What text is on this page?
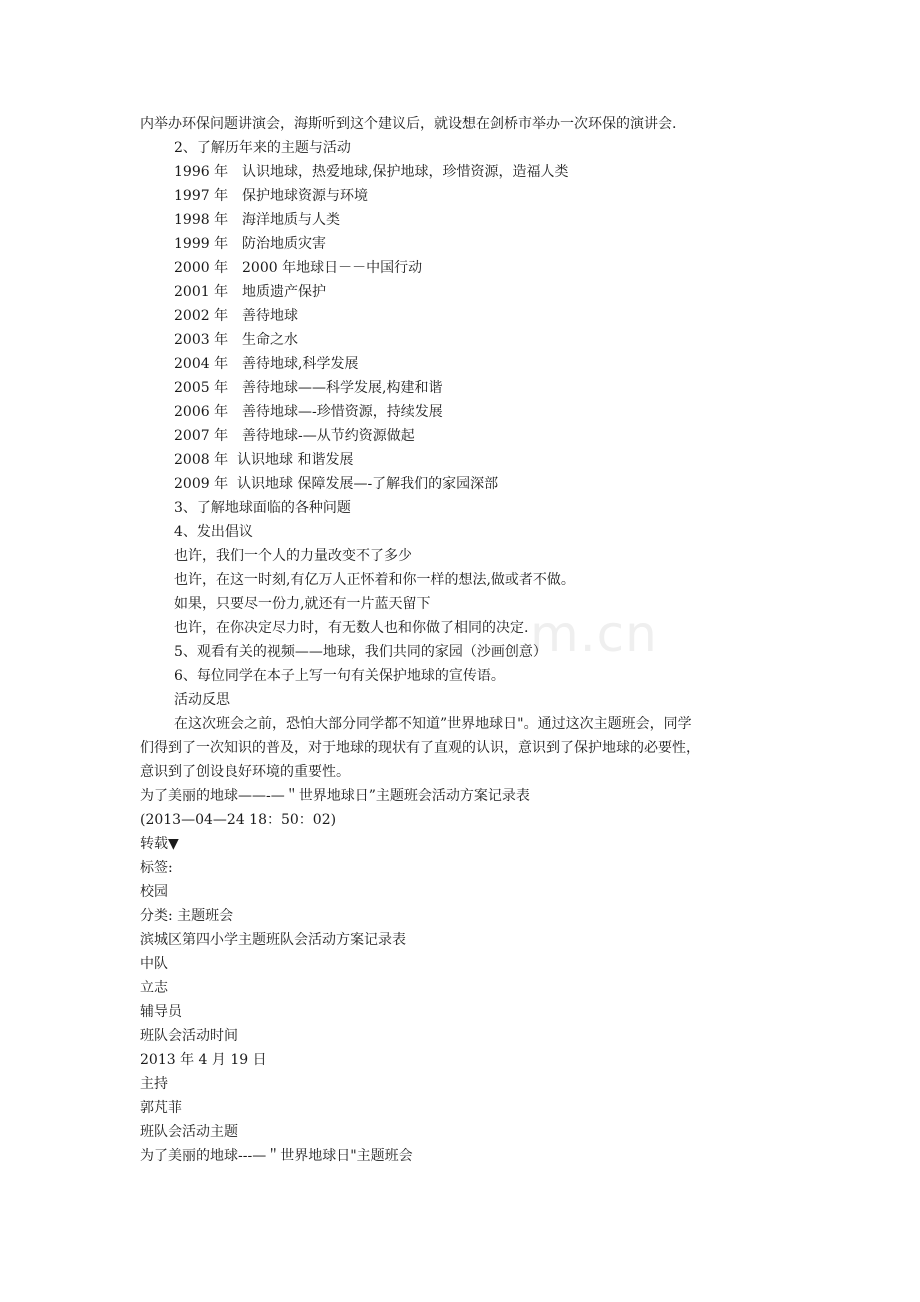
m.cn
内举办环保问题讲演会，海斯听到这个建议后，就设想在剑桥市举办一次环保的演讲会.
2、了解历年来的主题与活动
1996 年 认识地球，热爱地球,保护地球，珍惜资源，造福人类
1997 年 保护地球资源与环境
1998 年 海洋地质与人类
1999 年 防治地质灾害
2000 年 2000 年地球日－－中国行动
2001 年 地质遗产保护
2002 年 善待地球
2003 年 生命之水
2004 年 善待地球,科学发展
2005 年 善待地球——科学发展,构建和谐
2006 年 善待地球—-珍惜资源，持续发展
2007 年 善待地球-—从节约资源做起
2008 年 认识地球 和谐发展
2009 年 认识地球 保障发展—-了解我们的家园深部
3、了解地球面临的各种问题
4、发出倡议
也许，我们一个人的力量改变不了多少
也许，在这一时刻,有亿万人正怀着和你一样的想法,做或者不做。
如果，只要尽一份力,就还有一片蓝天留下
也许，在你决定尽力时，有无数人也和你做了相同的决定.
5、观看有关的视频——地球，我们共同的家园（沙画创意）
6、每位同学在本子上写一句有关保护地球的宣传语。
活动反思
在这次班会之前，恐怕大部分同学都不知道”世界地球日"。通过这次主题班会，同学
们得到了一次知识的普及，对于地球的现状有了直观的认识，意识到了保护地球的必要性，
意识到了创设良好环境的重要性。
为了美丽的地球——-—＂世界地球日”主题班会活动方案记录表
(2013—04—24 18：50：02)
转载▼
标签:
校园
分类: 主题班会
滨城区第四小学主题班队会活动方案记录表
中队
立志
辅导员
班队会活动时间
2013 年 4 月 19 日
主持
郭芃菲
班队会活动主题
为了美丽的地球---—＂世界地球日"主题班会
